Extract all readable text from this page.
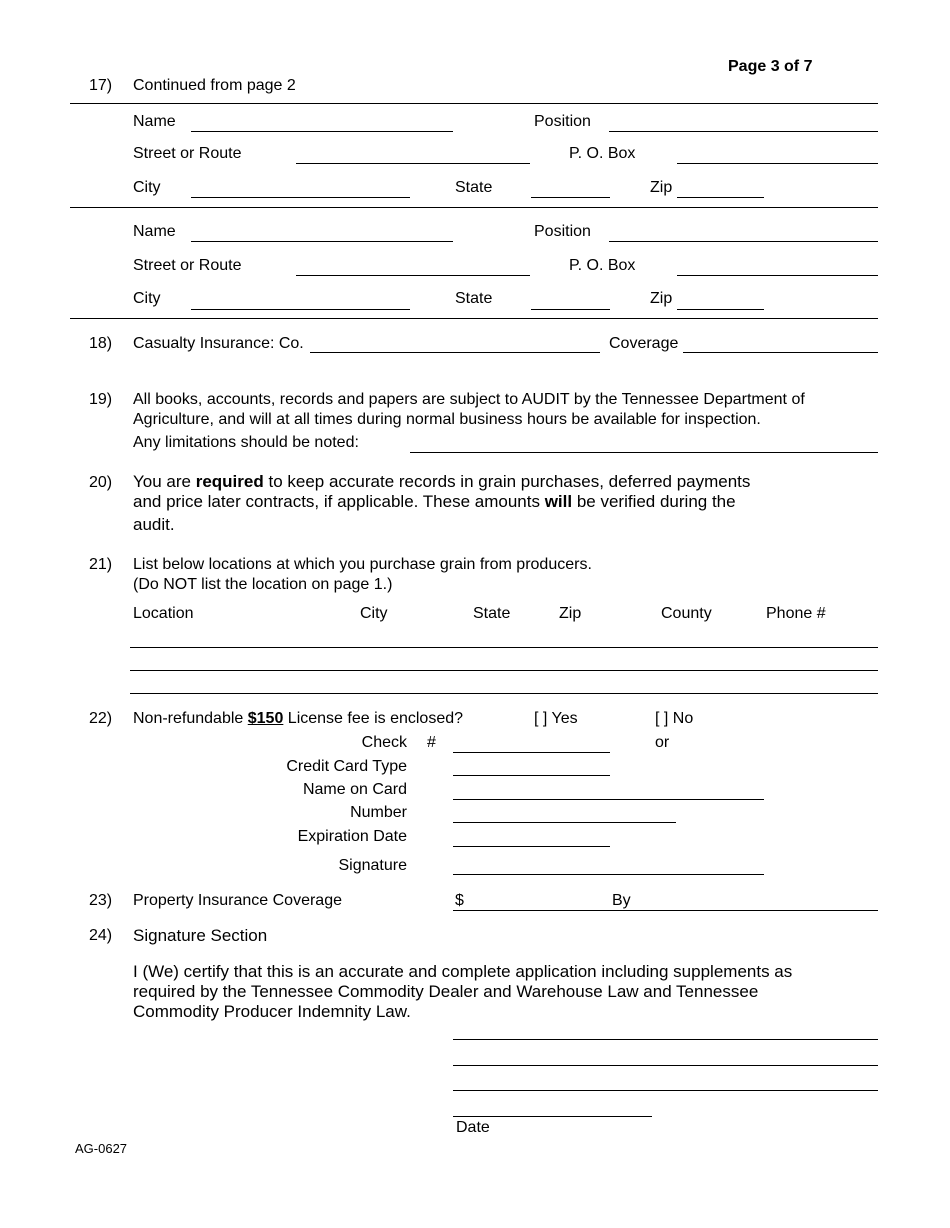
Page 3 of 7
17) Continued from page 2
Name	Position
Street or Route	P. O. Box
City	State	Zip
Name	Position
Street or Route	P. O. Box
City	State	Zip
18) Casualty Insurance: Co.	Coverage
19) All books, accounts, records and papers are subject to AUDIT by the Tennessee Department of
Agriculture, and will at all times during normal business hours be available for inspection.
Any limitations should be noted:
20) You are required to keep accurate records in grain purchases, deferred payments
and price later contracts, if applicable. These amounts will be verified during the
audit.
21) List below locations at which you purchase grain from producers.
(Do NOT list the location on page 1.)
Location	City	State	Zip	County	Phone #
22) Non-refundable $150 License fee is enclosed?	[ ] Yes	[ ] No
Check #	or
Credit Card Type
Name on Card
Number
Expiration Date
Signature
23) Property Insurance Coverage	$	By
24) Signature Section
I (We) certify that this is an accurate and complete application including supplements as
required by the Tennessee Commodity Dealer and Warehouse Law and Tennessee
Commodity Producer Indemnity Law.
Date
AG-0627
